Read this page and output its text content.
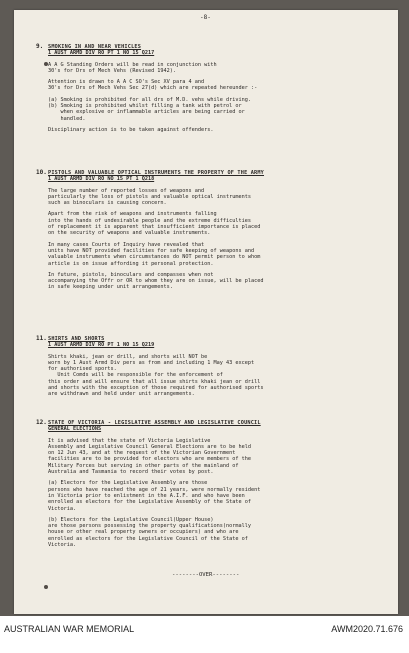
-8-
9. SMOKING IN AND NEAR VEHICLES
1 AUST ARMD DIV RO PT 1 NO 15 Q217

A A G Standing Orders will be read in conjunction with
30's for Drs of Mech Vehs (Revised 1942).

Attention is drawn to A A C SO's Sec XV para 4 and
30's for Drs of Mech Vehs Sec 27(d) which are repeated hereunder :-

(a) Smoking is prohibited for all drs of M.D. vehs while driving.
(b) Smoking is prohibited whilst filling a tank with petrol or
when explosive or inflammable articles are being carried or
handled.

Disciplinary action is to be taken against offenders.

10. PISTOLS AND VALUABLE OPTICAL INSTRUMENTS THE PROPERTY OF THE ARMY
1 AUST ARMD DIV RO NO 15 PT 1 Q218

The large number of reported losses of weapons and
particularly the loss of pistols and valuable optical instruments
such as binoculars is causing concern.

Apart from the risk of weapons and instruments falling
into the hands of undesirable people and the extreme difficulties
of replacement it is apparent that insufficient importance is placed
on the security of weapons and valuable instruments.

In many cases Courts of Inquiry have revealed that
units have NOT provided facilities for safe keeping of weapons and
valuable instruments when circumstances do NOT permit person to whom
article is on issue affording it personal protection.

In future, pistols, binoculars and compasses when not
accompanying the Offr or OR to whom they are on issue, will be placed
in safe keeping under unit arrangements.

11. SHIRTS AND SHORTS
1 AUST ARMD DIV RO PT 1 NO 15 Q219

Shirts khaki, jean or drill, and shorts will NOT be
worn by 1 Aust Armd Div pers as from and including 1 May 43 except
for authorised sports.
Unit Comds will be responsible for the enforcement of
this order and will ensure that all issue shirts khaki jean or drill
and shorts with the exception of those required for authorised sports
are withdrawn and held under unit arrangements.

12. STATE OF VICTORIA - LEGISLATIVE ASSEMBLY AND LEGISLATIVE COUNCIL
GENERAL ELECTIONS

It is advised that the state of Victoria Legislative
Assembly and Legislative Council General Elections are to be held
on 12 Jun 43, and at the request of the Victorian Government
facilities are to be provided for electors who are members of the
Military Forces but serving in other parts of the mainland of
Australia and Tasmania to record their votes by post.

(a) Electors for the Legislative Assembly are those
persons who have reached the age of 21 years, were normally resident
in Victoria prior to enlistment in the A.I.F. and who have been
enrolled as electors for the Legislative Assembly of the State of
Victoria.

(b) Electors for the Legislative Council(Upper House)
are those persons possessing the property qualifications(normally
house or other real property owners or occupiers) and who are
enrolled as electors for the Legislative Council of the State of
Victoria.

--------OVER--------
AUSTRALIAN WAR MEMORIAL	AWM2020.71.676
